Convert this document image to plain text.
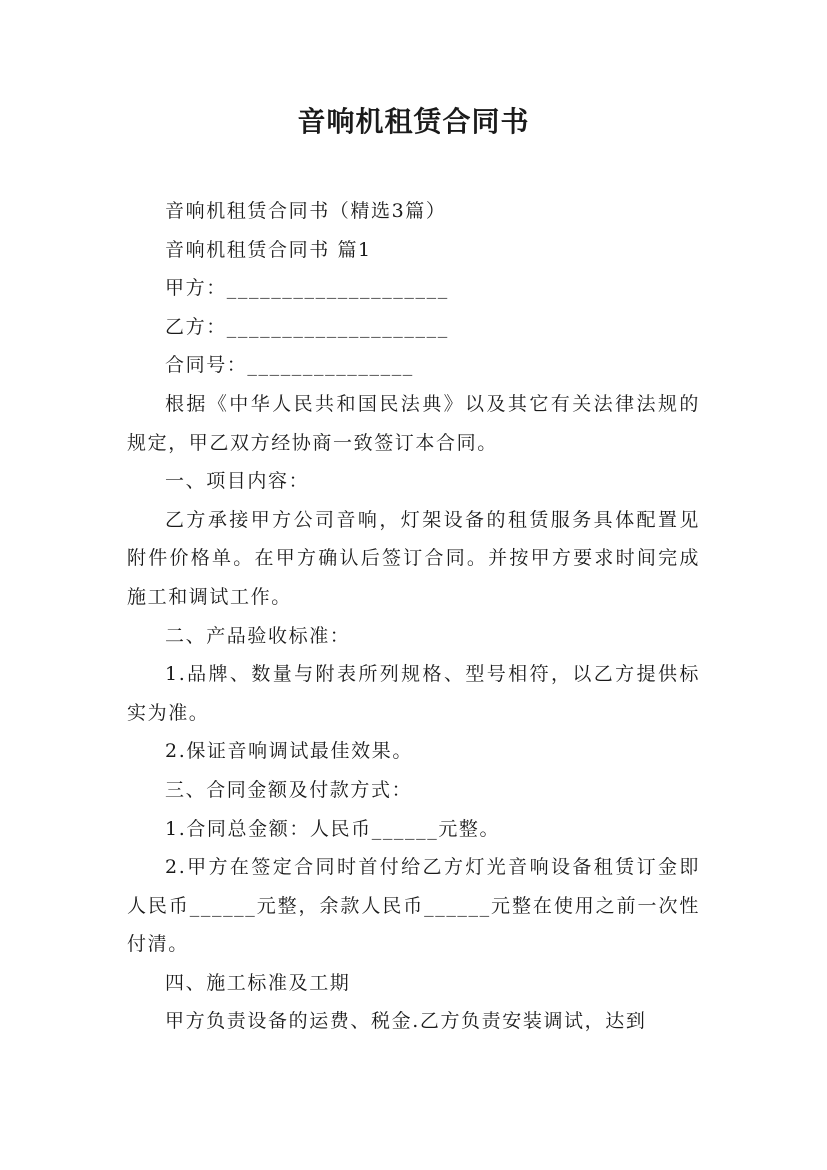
音响机租赁合同书

音响机租赁合同书（精选3篇）

音响机租赁合同书 篇1

甲方：____________________

乙方：____________________

合同号：_______________

根据《中华人民共和国民法典》以及其它有关法律法规的规定，甲乙双方经协商一致签订本合同。

一、项目内容：

乙方承接甲方公司音响，灯架设备的租赁服务具体配置见附件价格单。在甲方确认后签订合同。并按甲方要求时间完成施工和调试工作。

二、产品验收标准：

1.品牌、数量与附表所列规格、型号相符，以乙方提供标实为准。

2.保证音响调试最佳效果。

三、合同金额及付款方式：

1.合同总金额：人民币______元整。

2.甲方在签定合同时首付给乙方灯光音响设备租赁订金即人民币______元整，余款人民币______元整在使用之前一次性付清。

四、施工标准及工期

甲方负责设备的运费、税金.乙方负责安装调试，达到
